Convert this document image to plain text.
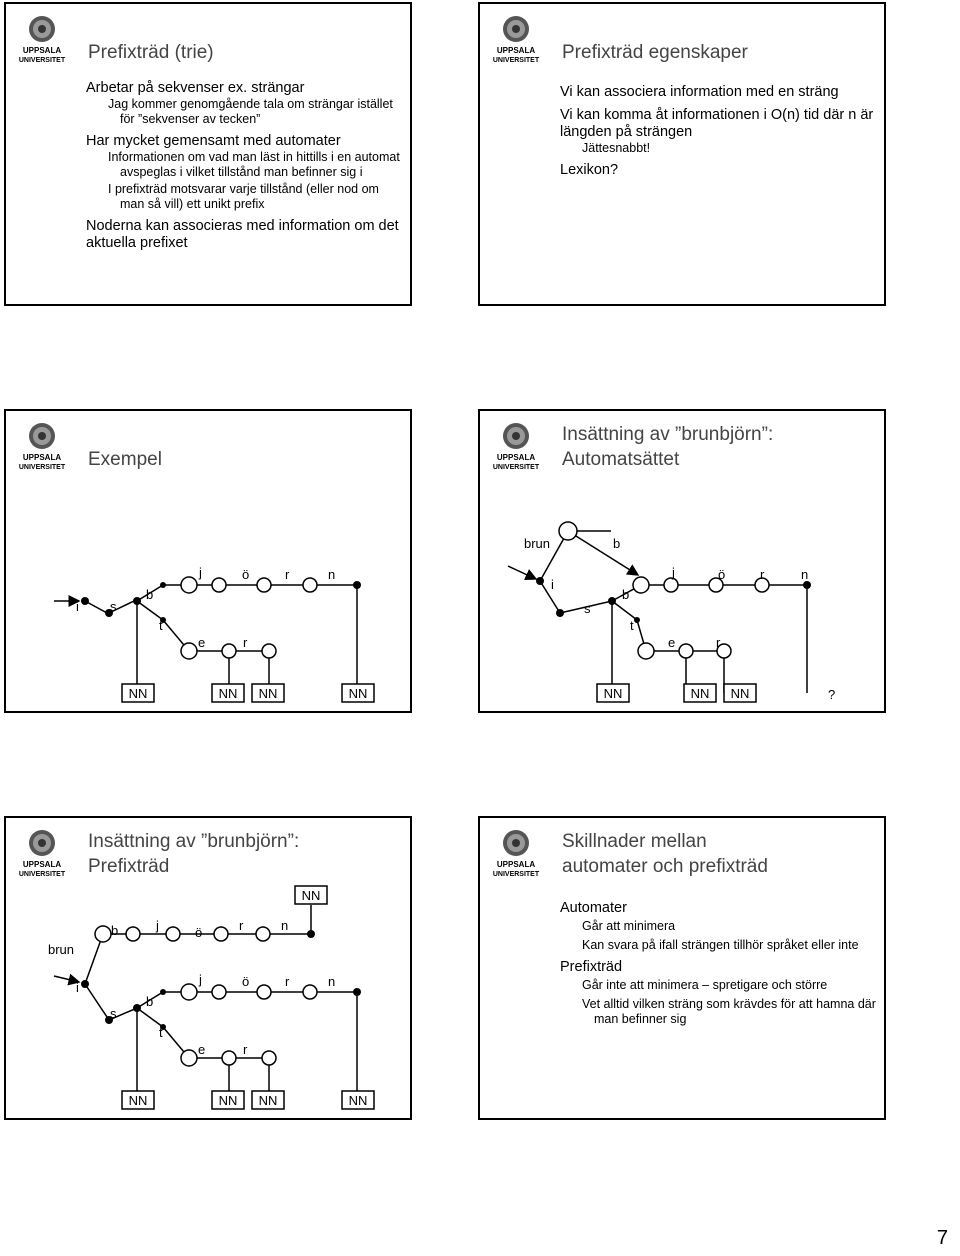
UPPSALA
UNIVERSITET Prefixträd (trie)
Arbetar på sekvenser ex. strängar
Jag kommer genomgående tala om strängar istället för ”sekvenser av tecken”
Har mycket gemensamt med automater
Informationen om vad man läst in hittills i en automat avspeglas i vilket tillstånd man befinner sig i
I prefixträd motsvarar varje tillstånd (eller nod om man så vill) ett unikt prefix
Noderna kan associeras med information om det aktuella prefixet
UPPSALA
UNIVERSITET Prefixträd egenskaper
Vi kan associera information med en sträng
Vi kan komma åt informationen i O(n) tid där n är längden på strängen
Jättesnabbt!
Lexikon?
UPPSALA
UNIVERSITET Exempel
i s
b
t
j	ö	r	n
e	r
NN	NN NN	NN
UPPSALA
UNIVERSITET
Insättning av ”brunbjörn”:
Automatsättet
brun	b
i
s
b
t
j	ö	r	n
e	r
NN	NN NN	?
UPPSALA
UNIVERSITET
Insättning av ”brunbjörn”:
Prefixträd
brun
b	j	ö	r	n
i
s
b
t
j	ö	r	n
e	r
NN
NN	NN NN	NN
UPPSALA
UNIVERSITET
Skillnader mellan
automater och prefixträd
Automater
Går att minimera
Kan svara på ifall strängen tillhör språket eller inte
Prefixträd
Går inte att minimera – spretigare och större
Vet alltid vilken sträng som krävdes för att hamna där man befinner sig
7
